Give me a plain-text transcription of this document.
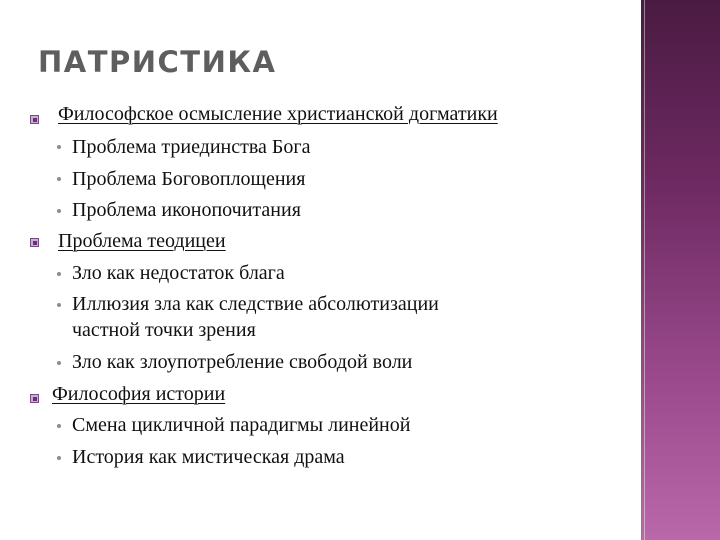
ПАТРИСТИКА
Философское осмысление христианской догматики
Проблема триединства Бога
Проблема Боговоплощения
Проблема иконопочитания
Проблема теодицеи
Зло как недостаток блага
Иллюзия зла как следствие абсолютизации
частной точки зрения
Зло как злоупотребление свободой воли
Философия истории
Смена цикличной парадигмы линейной
История как мистическая драма
